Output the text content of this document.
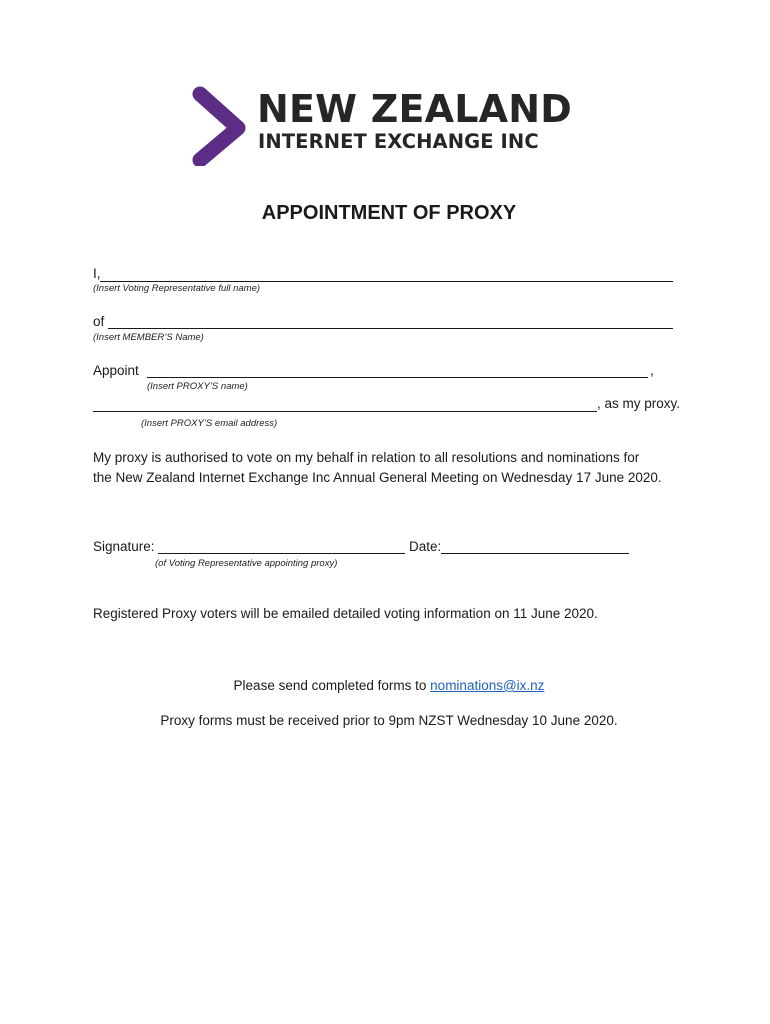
NEW ZEALAND
INTERNET EXCHANGE INC
APPOINTMENT OF PROXY
I,
(Insert Voting Representative full name)
of
(Insert MEMBER’S Name)
Appoint	,
(Insert PROXY’S name)
, as my proxy.
(Insert PROXY’S email address)
My proxy is authorised to vote on my behalf in relation to all resolutions and nominations for
the New Zealand Internet Exchange Inc Annual General Meeting on Wednesday 17 June 2020.
Signature:	Date:
(of Voting Representative appointing proxy)
Registered Proxy voters will be emailed detailed voting information on 11 June 2020.
Please send completed forms to nominations@ix.nz
Proxy forms must be received prior to 9pm NZST Wednesday 10 June 2020.
